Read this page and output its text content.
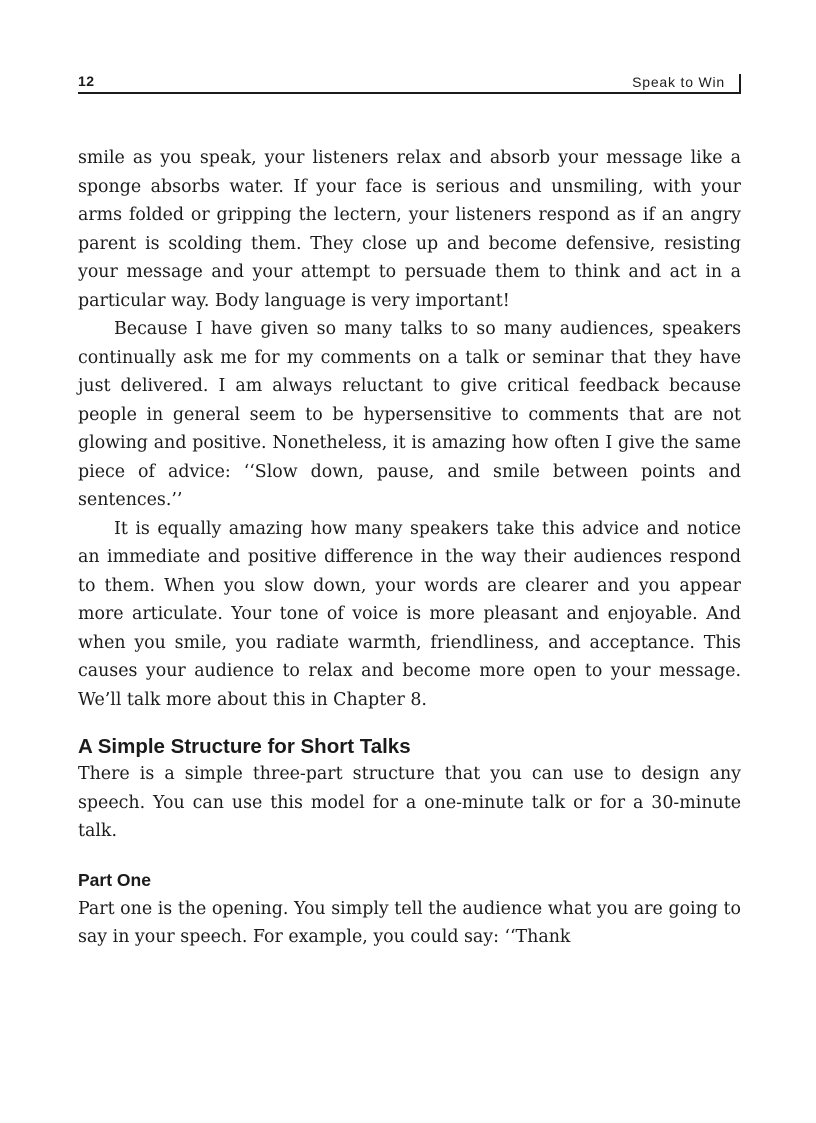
12	Speak to Win

smile as you speak, your listeners relax and absorb your message like a sponge absorbs water. If your face is serious and unsmiling, with your arms folded or gripping the lectern, your listeners respond as if an angry parent is scolding them. They close up and become defensive, resisting your message and your attempt to persuade them to think and act in a particular way. Body language is very important!

Because I have given so many talks to so many audiences, speakers continually ask me for my comments on a talk or seminar that they have just delivered. I am always reluctant to give critical feedback because people in general seem to be hypersensitive to comments that are not glowing and positive. Nonetheless, it is amazing how often I give the same piece of advice: ‘‘Slow down, pause, and smile between points and sentences.’’

It is equally amazing how many speakers take this advice and notice an immediate and positive difference in the way their audiences respond to them. When you slow down, your words are clearer and you appear more articulate. Your tone of voice is more pleasant and enjoyable. And when you smile, you radiate warmth, friendliness, and acceptance. This causes your audience to relax and become more open to your message. We’ll talk more about this in Chapter 8.

A Simple Structure for Short Talks

There is a simple three-part structure that you can use to design any speech. You can use this model for a one-minute talk or for a 30-minute talk.

Part One

Part one is the opening. You simply tell the audience what you are going to say in your speech. For example, you could say: ‘‘Thank
